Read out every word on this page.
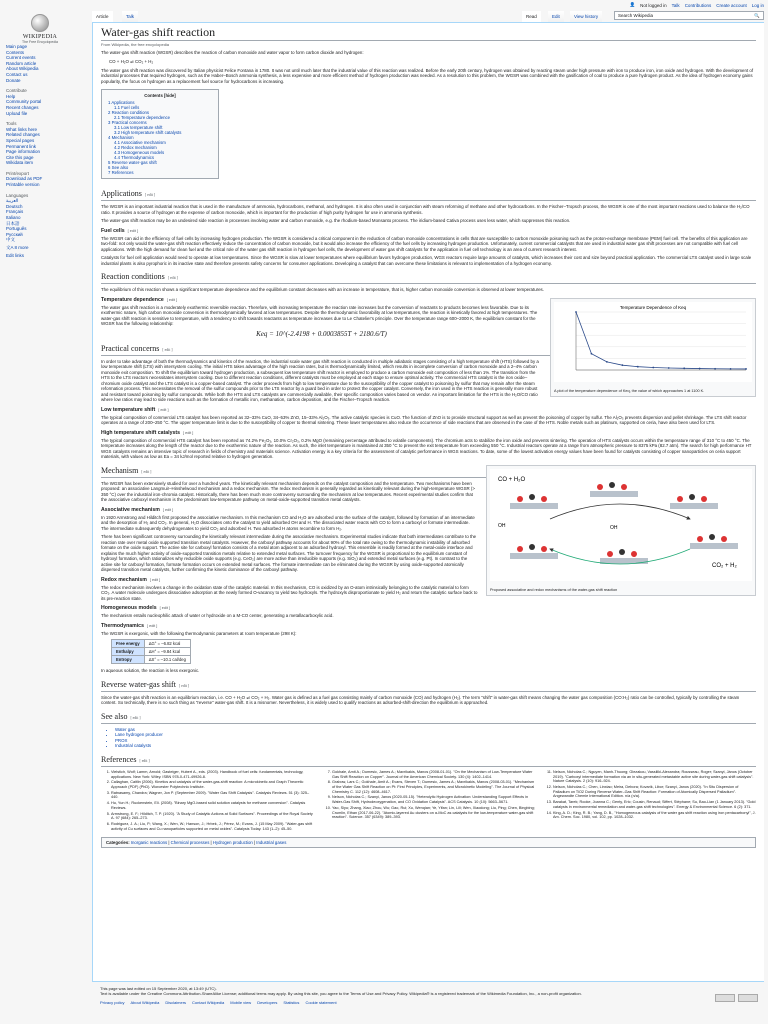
👤 Not logged in Talk Contributions Create account Log in
WIKIPEDIA
The Free Encyclopedia
Main page
Contents
Current events
Random article
About Wikipedia
Contact us
Donate
Contribute
Help
Community portal
Recent changes
Upload file
Tools
What links here
Related changes
Special pages
Permanent link
Page information
Cite this page
Wikidata item
Print/export
Download as PDF
Printable version
Languages
العربية
Deutsch
Français
Italiano
日本語
Português
Русский
中文
文A 8 more
Edit links
Article	Talk	Read	Edit	View history	Search Wikipedia	🔍
Water-gas shift reaction
From Wikipedia, the free encyclopedia

The water-gas shift reaction (WGSR) describes the reaction of carbon monoxide and water vapor to form carbon dioxide and hydrogen:

CO + H₂O ⇌ CO₂ + H₂

The water gas shift reaction was discovered by Italian physicist Felice Fontana in 1780. It was not until much later that the industrial value of this reaction was realized. Before the early 20th century, hydrogen was obtained by reacting steam under high pressure with iron to produce iron, iron oxide and hydrogen. With the development of industrial processes that required hydrogen, such as the Haber–Bosch ammonia synthesis, a less expensive and more efficient method of hydrogen production was needed. As a resolution to this problem, the WGSR was combined with the gasification of coal to produce a pure hydrogen product. As the idea of hydrogen economy gains popularity, the focus on hydrogen as a replacement fuel source for hydrocarbons is increasing.

Contents [hide]
1 Applications
1.1 Fuel cells
2 Reaction conditions
2.1 Temperature dependence
3 Practical concerns
3.1 Low temperature shift
3.2 High temperature shift catalysts
4 Mechanism
4.1 Associative mechanism
4.2 Redox mechanism
4.3 Homogeneous models
4.4 Thermodynamics
5 Reverse water-gas shift
6 See also
7 References
Applications [ edit ]

The WGSR is an important industrial reaction that is used in the manufacture of ammonia, hydrocarbons, methanol, and hydrogen. It is also often used in conjunction with steam reforming of methane and other hydrocarbons. In the Fischer–Tropsch process, the WGSR is one of the most important reactions used to balance the H₂/CO ratio. It provides a source of hydrogen at the expense of carbon monoxide, which is important for the production of high purity hydrogen for use in ammonia synthesis.

The water-gas shift reaction may be an undesired side reaction in processes involving water and carbon monoxide, e.g. the rhodium-based Monsanto process. The iridium-based Cativa process uses less water, which suppresses this reaction.

Fuel cells [ edit ]

The WGSR can aid in the efficiency of fuel cells by increasing hydrogen production. The WGSR is considered a critical component in the reduction of carbon monoxide concentrations in cells that are susceptible to carbon monoxide poisoning such as the proton-exchange membrane (PEM) fuel cell. The benefits of this application are two-fold: not only would the water-gas shift reaction effectively reduce the concentration of carbon monoxide, but it would also increase the efficiency of the fuel cells by increasing hydrogen production. Unfortunately, current commercial catalysts that are used in industrial water gas shift processes are not compatible with fuel cell applications. With the high demand for clean fuel and the critical role of the water gas shift reaction in hydrogen fuel cells, the development of water gas shift catalysts for the application in fuel cell technology is an area of current research interest.

Catalysts for fuel cell application would need to operate at low temperatures. Since the WGSR is slow at lower temperatures where equilibrium favors hydrogen production, WGS reactors require large amounts of catalysts, which increases their cost and size beyond practical application. The commercial LTS catalyst used in large scale industrial plants is also pyrophoric in its inactive state and therefore presents safety concerns for consumer applications. Developing a catalyst that can overcome these limitations is relevant to implementation of a hydrogen economy.

Reaction conditions [ edit ]

The equilibrium of this reaction shows a significant temperature dependence and the equilibrium constant decreases with an increase in temperature, that is, higher carbon monoxide conversion is observed at lower temperatures.

Temperature Dependence of Keq
A plot of the temperature dependence of Keq, the value of which approaches 1 at 1100 K.
Temperature dependence [ edit ]

The water gas shift reaction is a moderately exothermic reversible reaction. Therefore, with increasing temperature the reaction rate increases but the conversion of reactants to products becomes less favorable. Due to its exothermic nature, high carbon monoxide conversion is thermodynamically favored at low temperatures. Despite the thermodynamic favorability at low temperatures, the reaction is kinetically favored at high temperatures. The water-gas shift reaction is sensitive to temperature, with a tendency to shift towards reactants as temperature increases due to Le Chatelier's principle. Over the temperature range 600–2000 K, the equilibrium constant for the WGSR has the following relationship:

Keq = 10^(-2.4198 + 0.0003855T + 2180.6/T)
Practical concerns [ edit ]

In order to take advantage of both the thermodynamics and kinetics of the reaction, the industrial scale water gas shift reaction is conducted in multiple adiabatic stages consisting of a high temperature shift (HTS) followed by a low temperature shift (LTS) with intersystem cooling. The initial HTS takes advantage of the high reaction rates, but is thermodynamically limited, which results in incomplete conversion of carbon monoxide and a 2–4% carbon monoxide exit composition. To shift the equilibrium toward hydrogen production, a subsequent low temperature shift reactor is employed to produce a carbon monoxide exit composition of less than 1%. The transition from the HTS to the LTS reactors necessitates intersystem cooling. Due to different reaction conditions, different catalysts must be employed at each stage to ensure optimal activity. The commercial HTS catalyst is the iron oxide–chromium oxide catalyst and the LTS catalyst is a copper-based catalyst. The order proceeds from high to low temperature due to the susceptibility of the copper catalyst to poisoning by sulfur that may remain after the steam reformation process. This necessitates the removal of the sulfur compounds prior to the LTS reactor by a guard bed in order to protect the copper catalyst. Conversely, the iron used in the HTS reaction is generally more robust and resistant toward poisoning by sulfur compounds. While both the HTS and LTS catalysts are commercially available, their specific composition varies based on vendor. An important limitation for the HTS is the H₂O/CO ratio where low ratios may lead to side reactions such as the formation of metallic iron, methanation, carbon deposition, and the Fischer–Tropsch reaction.

Low temperature shift [ edit ]

The typical composition of commercial LTS catalyst has been reported as 32–33% CuO, 34–53% ZnO, 15–33% Al₂O₃. The active catalytic species is CuO. The function of ZnO is to provide structural support as well as prevent the poisoning of copper by sulfur. The Al₂O₃ prevents dispersion and pellet shrinkage. The LTS shift reactor operates at a range of 200–250 °C. The upper temperature limit is due to the susceptibility of copper to thermal sintering. These lower temperatures also reduce the occurrence of side reactions that are observed in the case of the HTS. Noble metals such as platinum, supported on ceria, have also been used for LTS.

High temperature shift catalysts [ edit ]

The typical composition of commercial HTS catalyst has been reported as 74.2% Fe₂O₃, 10.0% Cr₂O₃, 0.2% MgO (remaining percentage attributed to volatile components). The chromium acts to stabilize the iron oxide and prevents sintering. The operation of HTS catalysts occurs within the temperature range of 310 °C to 450 °C. The temperature increases along the length of the reactor due to the exothermic nature of the reaction. As such, the inlet temperature is maintained at 350 °C to prevent the exit temperature from exceeding 550 °C. Industrial reactors operate at a range from atmospheric pressure to 8375 kPa (82.7 atm). The search for high performance HT WGS catalysts remains an intensive topic of research in fields of chemistry and materials science. Activation energy is a key criteria for the assessment of catalytic performance in WGS reactions. To date, some of the lowest activation energy values have been found for catalysts consisting of copper nanoparticles on ceria support materials, with values as low as Ea = 34 kJ/mol reported relative to hydrogen generation.

CO + H₂O
CO₂ + H₂
OH	OH
Proposed associative and redox mechanisms of the water-gas shift reaction
Mechanism [ edit ]

The WGSR has been extensively studied for over a hundred years. The kinetically relevant mechanism depends on the catalyst composition and the temperature. Two mechanisms have been proposed: an associative Langmuir–Hinshelwood mechanism and a redox mechanism. The redox mechanism is generally regarded as kinetically relevant during the high-temperature WGSR (> 350 °C) over the industrial iron-chromia catalyst. Historically, there has been much more controversy surrounding the mechanism at low temperatures. Recent experimental studies confirm that the associative carboxyl mechanism is the predominant low-temperature pathway on metal-oxide-supported transition metal catalysts.

Associative mechanism [ edit ]

In 1920 Armstrong and Hilditch first proposed the associative mechanism. In this mechanism CO and H₂O are adsorbed onto the surface of the catalyst, followed by formation of an intermediate and the desorption of H₂ and CO₂. In general, H₂O dissociates onto the catalyst to yield adsorbed OH and H. The dissociated water reacts with CO to form a carboxyl or formate intermediate. The intermediate subsequently dehydrogenates to yield CO₂ and adsorbed H. Two adsorbed H atoms recombine to form H₂.

There has been significant controversy surrounding the kinetically relevant intermediate during the associative mechanism. Experimental studies indicate that both intermediates contribute to the reaction rate over metal oxide supported transition metal catalysts. However, the carboxyl pathway accounts for about 90% of the total rate owing to the thermodynamic instability of adsorbed formate on the oxide support. The active site for carboxyl formation consists of a metal atom adjacent to an adsorbed hydroxyl. This ensemble is readily formed at the metal-oxide interface and explains the much higher activity of oxide-supported transition metals relative to extended metal surfaces. The turnover frequency for the WGSR is proportional to the equilibrium constant of hydroxyl formation, which rationalizes why reducible oxide supports (e.g. CeO₂) are more active than irreducible supports (e.g. SiO₂) and extended metal surfaces (e.g. Pt). In contrast to the active site for carboxyl formation, formate formation occurs on extended metal surfaces. The formate intermediate can be eliminated during the WGSR by using oxide-supported atomically dispersed transition metal catalysts, further confirming the kinetic dominance of the carboxyl pathway.

Redox mechanism [ edit ]

The redox mechanism involves a change in the oxidation state of the catalytic material. In this mechanism, CO is oxidized by an O-atom intrinsically belonging to the catalytic material to form CO₂. A water molecule undergoes dissociative adsorption at the newly formed O-vacancy to yield two hydroxyls. The hydroxyls disproportionate to yield H₂ and return the catalytic surface back to its pre-reaction state.

Homogeneous models [ edit ]

The mechanism entails nucleophilic attack of water or hydroxide on a M-CO center, generating a metallacarboxylic acid.

Thermodynamics [ edit ]

The WGSR is exergonic, with the following thermodynamic parameters at room temperature (298 K):

Free energy	ΔG° = –6.82 kcal
Enthalpy	ΔH° = –9.84 kcal
Entropy	ΔS° = –10.1 cal/deg

In aqueous solution, the reaction is less exergonic.

Reverse water-gas shift [ edit ]

Since the water-gas shift reaction is an equilibrium reaction, i.e. CO + H₂O ⇌ CO₂ + H₂. Water gas is defined as a fuel gas consisting mainly of carbon monoxide (CO) and hydrogen (H₂). The term "shift" in water-gas shift means changing the water gas composition (CO:H₂) ratio can be controlled, typically by controlling the steam content. So technically, there is no such thing as "reverse" water-gas shift. It is a misnomer. Nevertheless, it is widely used to qualify reactions as adsorbed-shift-direction the equilibrium is approached.

See also [ edit ]
• Water gas
• Lane hydrogen producer
• PROX
• Industrial catalysts
References [ edit ]
1. Vielstich, Wolf; Lamm, Arnold; Gasteiger, Hubert A., eds. (2003). Handbook of fuel cells: fundamentals, technology, applications. New York: Wiley. ISBN 978-0-471-49926-8.
2. Callaghan, Caitlin (2006). Kinetics and catalysis of the water-gas-shift reaction: A microkinetic and Graph Theoretic Approach (PDF) (PhD). Worcester Polytechnic Institute.
3. Ratnasamy, Chandra; Wagner, Jon P. (September 2009). "Water Gas Shift Catalysis". Catalysis Reviews. 51 (3): 325–440.
4. Hu, Yun H.; Ruckenstein, Eli. (2008). "Binary MgO-based solid solution catalysts for methane conversion". Catalysis Reviews.
5. Armstrong, E. F.; Hilditch, T. P. (1920). "A Study of Catalytic Actions at Solid Surfaces". Proceedings of the Royal Society A. 97 (684): 265–273.
6. Rodriguez, J. A.; Liu, P.; Wang, X.; Wen, W.; Hanson, J.; Hrbek, J.; Pérez, M.; Evans, J. (15 May 2009). "Water-gas shift activity of Cu surfaces and Cu nanoparticles supported on metal oxides". Catalysis Today. 143 (1–2): 45–50.
7. Gokhale, Amit A.; Dumesic, James A.; Mavrikakis, Manos (2008-01-01). "On the Mechanism of Low-Temperature Water Gas Shift Reaction on Copper". Journal of the American Chemical Society. 130 (4): 1402–1414.
8. Grabow, Lars C.; Gokhale, Amit A.; Evans, Steven T.; Dumesic, James A.; Mavrikakis, Manos (2008-03-01). "Mechanism of the Water Gas Shift Reaction on Pt: First Principles, Experiments, and Microkinetic Modeling". The Journal of Physical Chemistry C. 112 (12): 4608–4617.
9. Nelson, Nicholas C.; Szanyi, Janos (2020-05-15). "Heterolytic Hydrogen Activation: Understanding Support Effects in Water-Gas Shift, Hydrodeoxygenation, and CO Oxidation Catalysis". ACS Catalysis. 10 (10): 5663–5671.
10. Yao, Siyu; Zhang, Xiao; Zhou, Wu; Gao, Rui; Xu, Wenqian; Ye, Yifan; Lin, Lili; Wen, Xiaodong; Liu, Ping; Chen, Bingbing; Crumlin, Ethan (2017-06-22). "Atomic-layered Au clusters on α-MoC as catalysts for the low-temperature water-gas shift reaction". Science. 357 (6349): 389–393.
11. Nelson, Nicholas C.; Nguyen, Manh-Thuong; Glezakou, Vassiliki-Alexandra; Rousseau, Roger; Szanyi, János (October 2019). "Carboxyl intermediate formation via an in situ-generated metastable active site during water-gas shift catalysis". Nature Catalysis. 2 (10): 916–924.
12. Nelson, Nicholas C.; Chen, Linxiao; Meira, Debora; Kovarik, Libor; Szanyi, Janos (2020). "In Situ Dispersion of Palladium on TiO2 During Reverse Water–Gas Shift Reaction: Formation of Atomically Dispersed Palladium". Angewandte Chemie International Edition. n/a (n/a).
13. Barakat, Tarek; Rooke, Joanna C.; Genty, Eric; Cousin, Renaud; Siffert, Stéphane; Su, Bao-Lian (1 January 2013). "Gold catalysts in environmental remediation and water-gas shift technologies". Energy & Environmental Science. 6 (2): 371.
14. King, A. D.; King, R. B.; Yang, D. B., "Homogeneous catalysis of the water gas shift reaction using iron pentacarbonyl", J. Am. Chem. Soc. 1980, vol. 102, pp. 1028–1032.
Categories: Inorganic reactions | Chemical processes | Hydrogen production | Industrial gases
This page was last edited on 15 September 2020, at 13:49 (UTC).
Text is available under the Creative Commons Attribution-ShareAlike License; additional terms may apply. By using this site, you agree to the Terms of Use and Privacy Policy. Wikipedia® is a registered trademark of the Wikimedia Foundation, Inc., a non-profit organization.
Privacy policy About Wikipedia Disclaimers Contact Wikipedia Mobile view Developers Statistics Cookie statement
